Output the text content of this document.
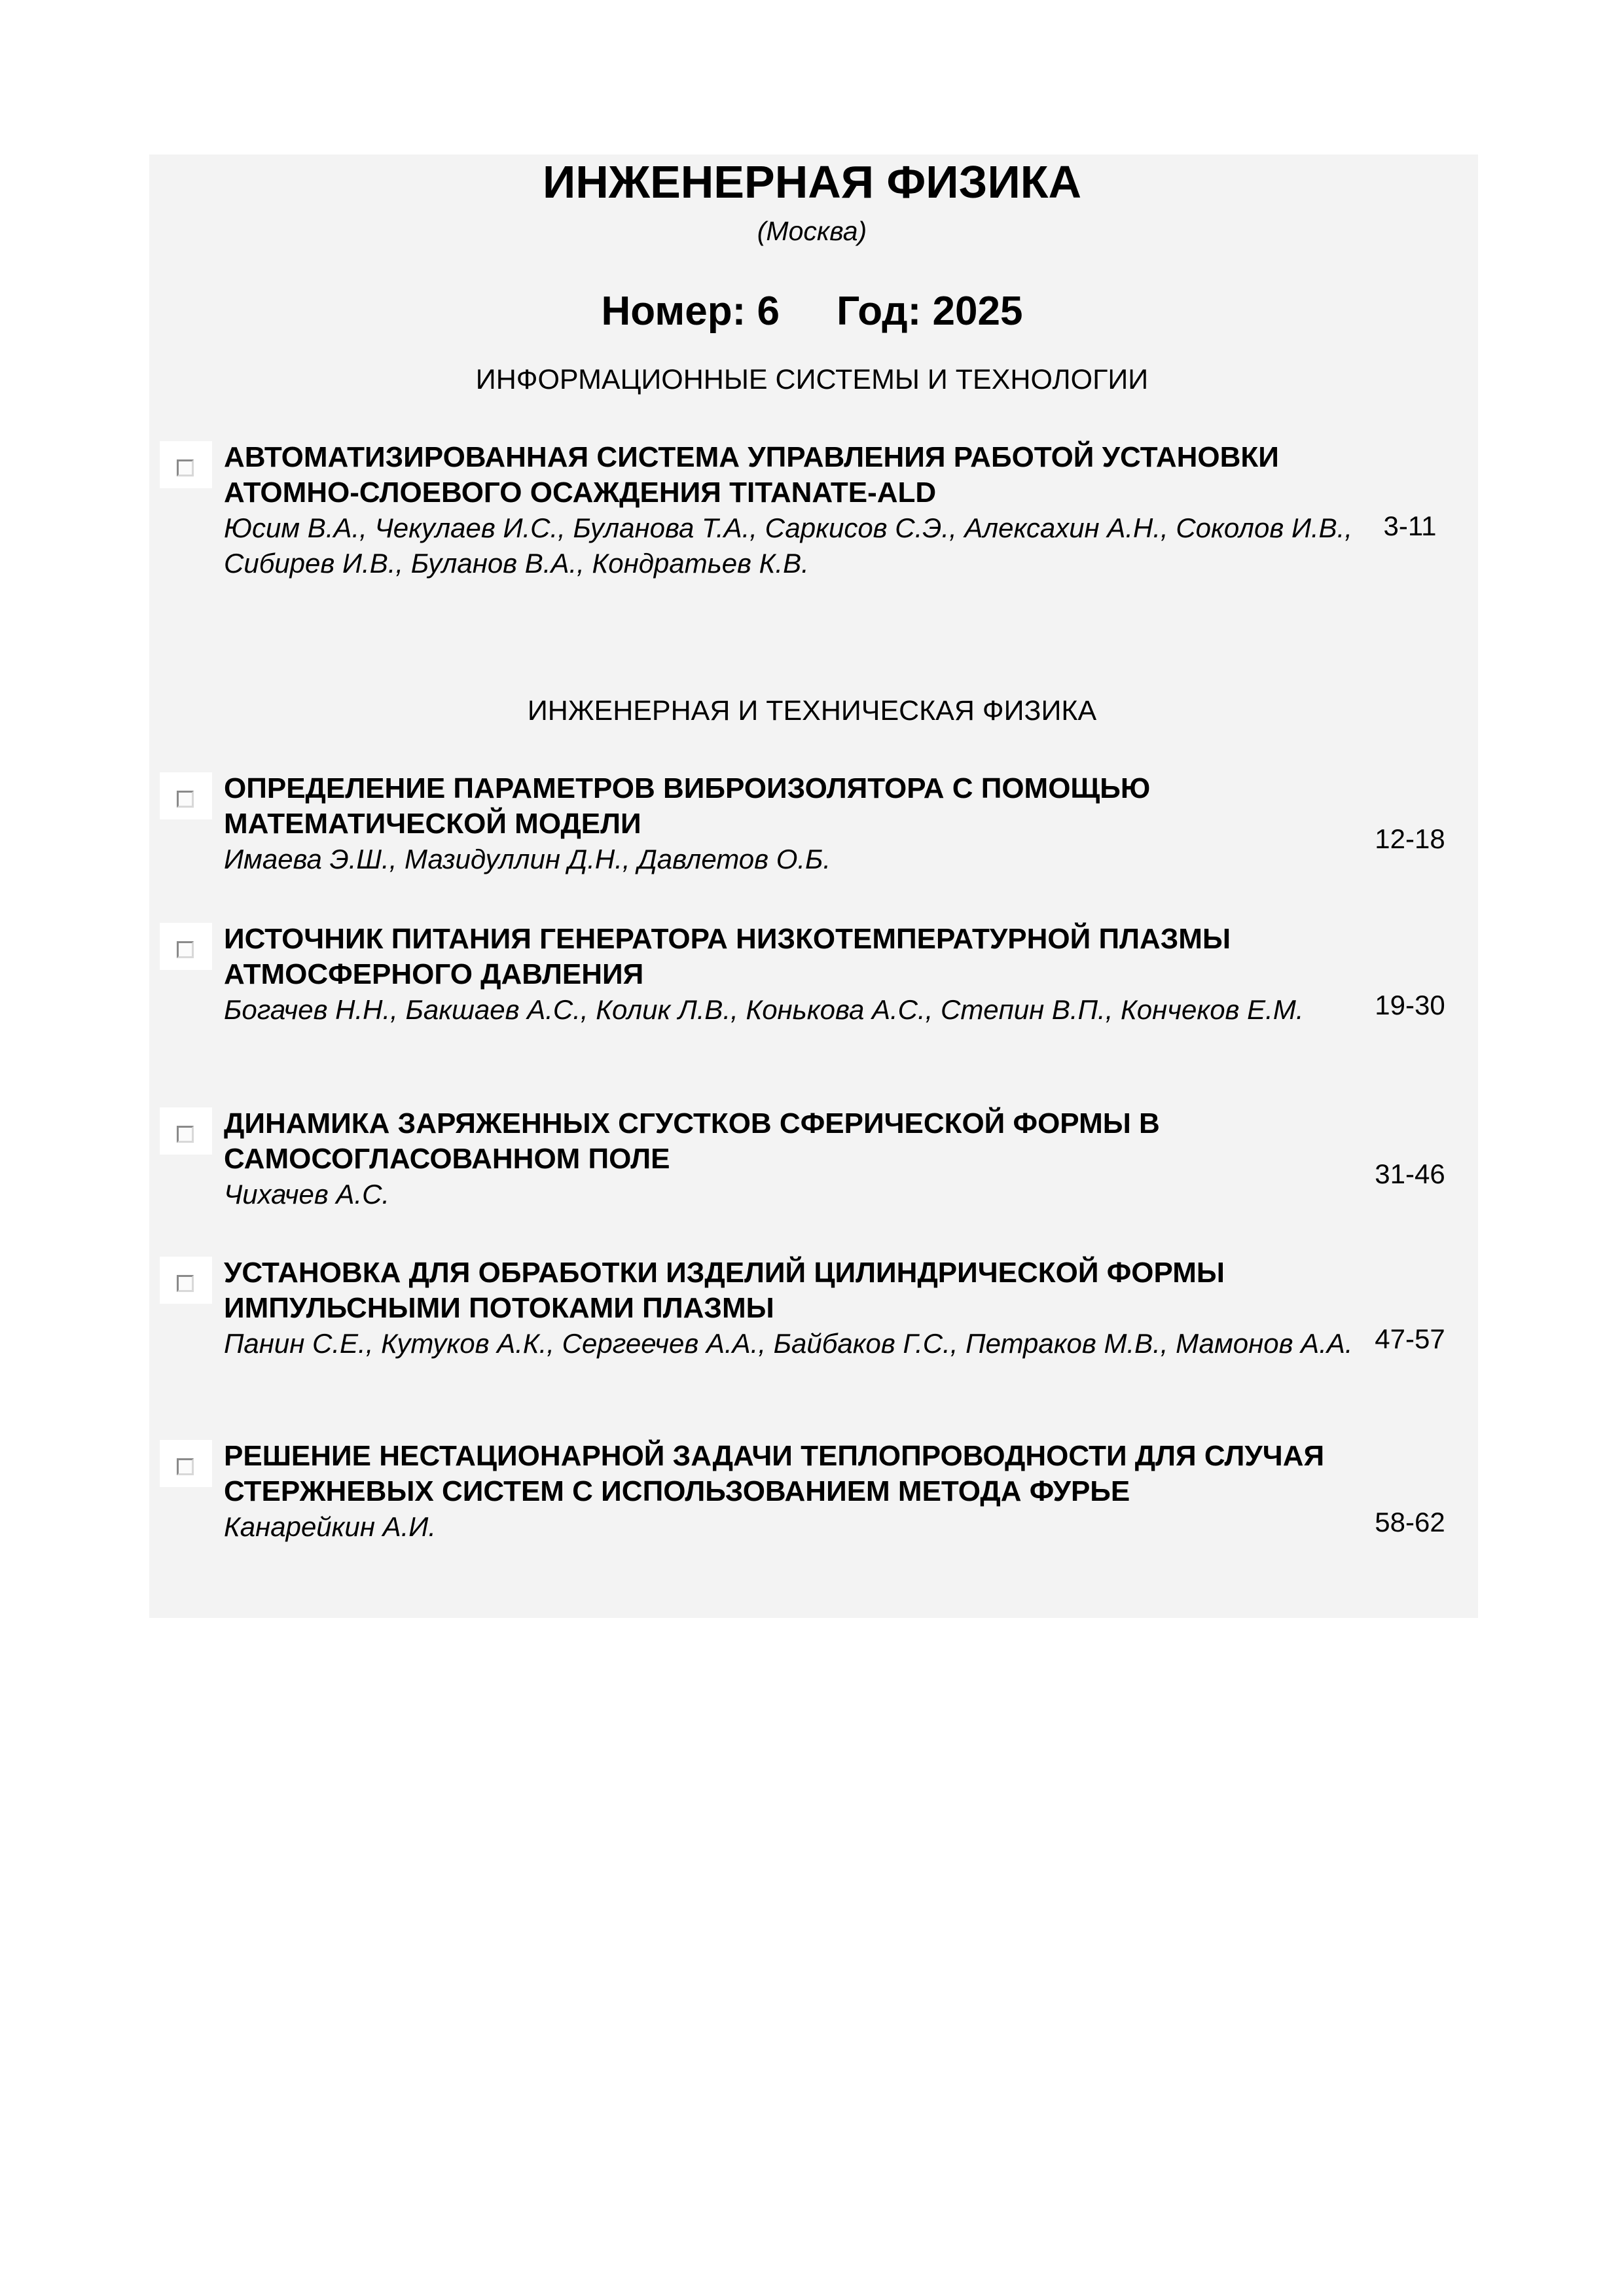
ИНЖЕНЕРНАЯ ФИЗИКА
(Москва)
Номер: 6 Год: 2025
ИНФОРМАЦИОННЫЕ СИСТЕМЫ И ТЕХНОЛОГИИ
АВТОМАТИЗИРОВАННАЯ СИСТЕМА УПРАВЛЕНИЯ РАБОТОЙ УСТАНОВКИ АТОМНО-СЛОЕВОГО ОСАЖДЕНИЯ TITANATE-ALD
Юсим В.А., Чекулаев И.С., Буланова Т.А., Саркисов С.Э., Алексахин А.Н., Соколов И.В., Сибирев И.В., Буланов В.А., Кондратьев К.В.
3-11
ИНЖЕНЕРНАЯ И ТЕХНИЧЕСКАЯ ФИЗИКА
ОПРЕДЕЛЕНИЕ ПАРАМЕТРОВ ВИБРОИЗОЛЯТОРА С ПОМОЩЬЮ МАТЕМАТИЧЕСКОЙ МОДЕЛИ
Имаева Э.Ш., Мазидуллин Д.Н., Давлетов О.Б.
12-18
ИСТОЧНИК ПИТАНИЯ ГЕНЕРАТОРА НИЗКОТЕМПЕРАТУРНОЙ ПЛАЗМЫ АТМОСФЕРНОГО ДАВЛЕНИЯ
Богачев Н.Н., Бакшаев А.С., Колик Л.В., Конькова А.С., Степин В.П., Кончеков Е.М.	19-30
ДИНАМИКА ЗАРЯЖЕННЫХ СГУСТКОВ СФЕРИЧЕСКОЙ ФОРМЫ В САМОСОГЛАСОВАННОМ ПОЛЕ
Чихачев А.С.
31-46
УСТАНОВКА ДЛЯ ОБРАБОТКИ ИЗДЕЛИЙ ЦИЛИНДРИЧЕСКОЙ ФОРМЫ ИМПУЛЬСНЫМИ ПОТОКАМИ ПЛАЗМЫ
Панин С.Е., Кутуков А.К., Сергеечев А.А., Байбаков Г.С., Петраков М.В., Мамонов А.А. 47-57
РЕШЕНИЕ НЕСТАЦИОНАРНОЙ ЗАДАЧИ ТЕПЛОПРОВОДНОСТИ ДЛЯ СЛУЧАЯ СТЕРЖНЕВЫХ СИСТЕМ С ИСПОЛЬЗОВАНИЕМ МЕТОДА ФУРЬЕ
Канарейкин А.И.	58-62
